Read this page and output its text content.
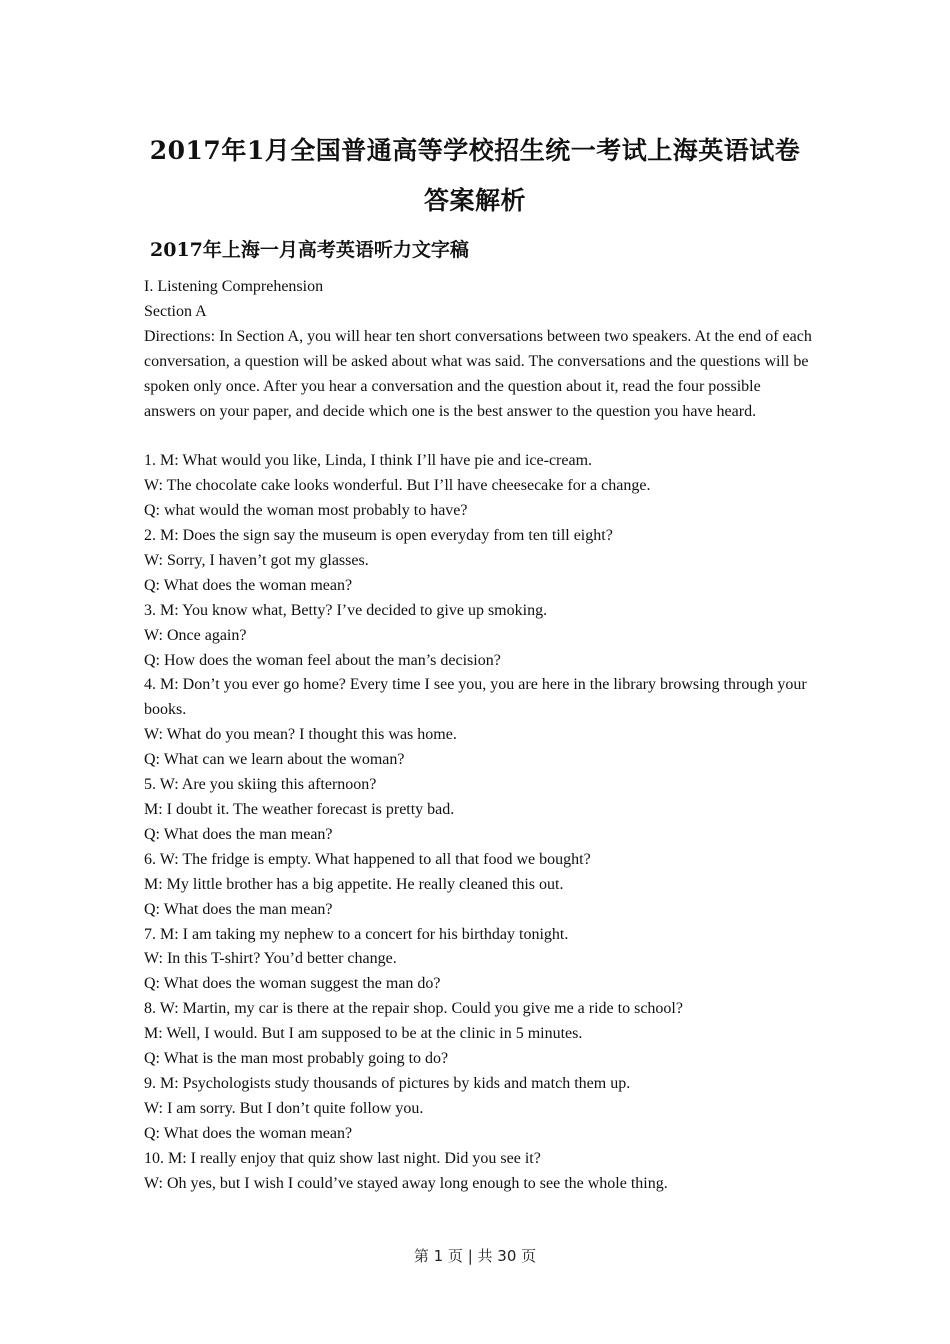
2017年1月全国普通高等学校招生统一考试上海英语试卷
答案解析
2017年上海一月高考英语听力文字稿

I. Listening Comprehension

Section A

Directions: In Section A, you will hear ten short conversations between two speakers. At the end of each conversation, a question will be asked about what was said. The conversations and the questions will be spoken only once. After you hear a conversation and the question about it, read the four possible answers on your paper, and decide which one is the best answer to the question you have heard.

1. M: What would you like, Linda, I think I’ll have pie and ice-cream.

W: The chocolate cake looks wonderful. But I’ll have cheesecake for a change.

Q: what would the woman most probably to have?

2. M: Does the sign say the museum is open everyday from ten till eight?

W: Sorry, I haven’t got my glasses.

Q: What does the woman mean?

3. M: You know what, Betty? I’ve decided to give up smoking.

W: Once again?

Q: How does the woman feel about the man’s decision?

4. M: Don’t you ever go home? Every time I see you, you are here in the library browsing through your books.

W: What do you mean? I thought this was home.

Q: What can we learn about the woman?

5. W: Are you skiing this afternoon?

M: I doubt it. The weather forecast is pretty bad.

Q: What does the man mean?

6. W: The fridge is empty. What happened to all that food we bought?

M: My little brother has a big appetite. He really cleaned this out.

Q: What does the man mean?

7. M: I am taking my nephew to a concert for his birthday tonight.

W: In this T-shirt? You’d better change.

Q: What does the woman suggest the man do?

8. W: Martin, my car is there at the repair shop. Could you give me a ride to school?

M: Well, I would. But I am supposed to be at the clinic in 5 minutes.

Q: What is the man most probably going to do?

9. M: Psychologists study thousands of pictures by kids and match them up.

W: I am sorry. But I don’t quite follow you.

Q: What does the woman mean?

10. M: I really enjoy that quiz show last night. Did you see it?

W: Oh yes, but I wish I could’ve stayed away long enough to see the whole thing.

第 1 页 | 共 30 页
